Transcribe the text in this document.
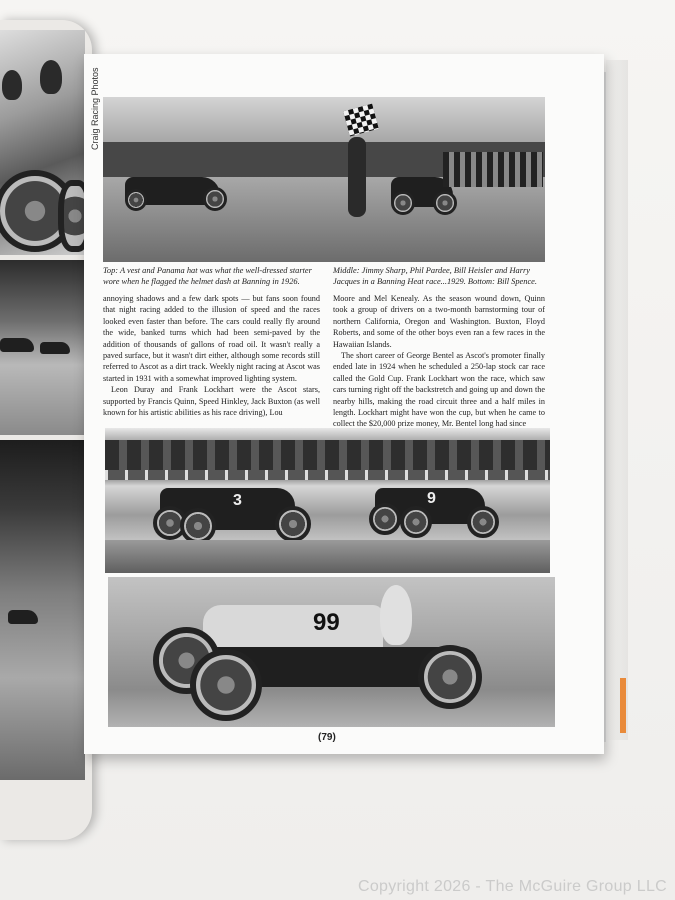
Craig Racing Photos
Top: A vest and Panama hat was what the well-dressed starter wore when he flagged the helmet dash at Banning in 1926.
Middle: Jimmy Sharp, Phil Pardee, Bill Heisler and Harry Jacques in a Banning Heat race...1929. Bottom: Bill Spence.

annoying shadows and a few dark spots — but fans soon found that night racing added to the illusion of speed and the races looked even faster than before. The cars could really fly around the wide, banked turns which had been semi-paved by the addition of thousands of gallons of road oil. It wasn't really a paved surface, but it wasn't dirt either, although some records still referred to Ascot as a dirt track. Weekly night racing at Ascot was started in 1931 with a somewhat improved lighting system.

Leon Duray and Frank Lockhart were the Ascot stars, supported by Francis Quinn, Speed Hinkley, Jack Buxton (as well known for his artistic abilities as his race driving), Lou

Moore and Mel Kenealy. As the season wound down, Quinn took a group of drivers on a two-month barnstorming tour of northern California, Oregon and Washington. Buxton, Floyd Roberts, and some of the other boys even ran a few races in the Hawaiian Islands.

The short career of George Bentel as Ascot's promoter finally ended late in 1924 when he scheduled a 250-lap stock car race called the Gold Cup. Frank Lockhart won the race, which saw cars turning right off the backstretch and going up and down the nearby hills, making the road circuit three and a half miles in length. Lockhart might have won the cup, but when he came to collect the $20,000 prize money, Mr. Bentel long had since

3	9
99
(79)
Copyright 2026 - The McGuire Group LLC
